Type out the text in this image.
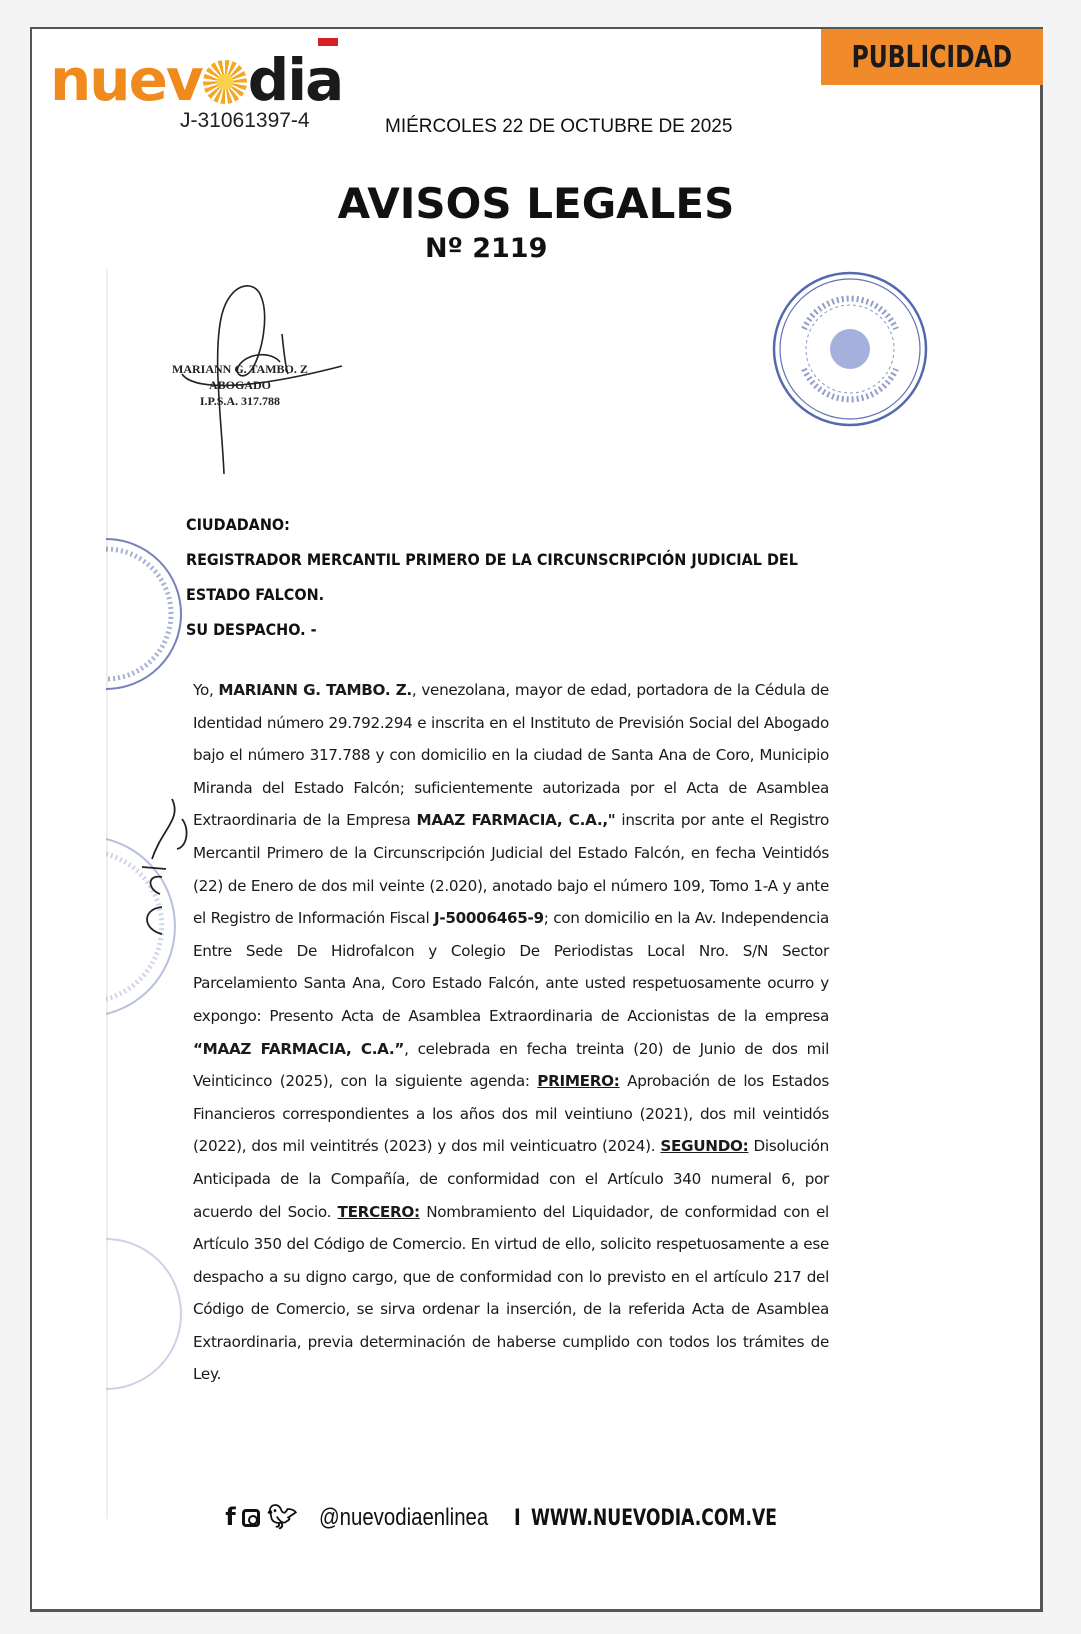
nuev dia
J-31061397-4	MIÉRCOLES 22 DE OCTUBRE DE 2025
PUBLICIDAD
AVISOS LEGALES
Nº 2119
MARIANN G. TAMBO. Z
ABOGADO
I.P.S.A. 317.788
CIUDADANO:
REGISTRADOR MERCANTIL PRIMERO DE LA CIRCUNSCRIPCIÓN JUDICIAL DEL
ESTADO FALCON.
SU DESPACHO. -
Yo, MARIANN G. TAMBO. Z., venezolana, mayor de edad, portadora de la Cédula de Identidad número 29.792.294 e inscrita en el Instituto de Previsión Social del Abogado bajo el número 317.788 y con domicilio en la ciudad de Santa Ana de Coro, Municipio Miranda del Estado Falcón; suficientemente autorizada por el Acta de Asamblea Extraordinaria de la Empresa MAAZ FARMACIA, C.A.," inscrita por ante el Registro Mercantil Primero de la Circunscripción Judicial del Estado Falcón, en fecha Veintidós (22) de Enero de dos mil veinte (2.020), anotado bajo el número 109, Tomo 1-A y ante el Registro de Información Fiscal J-50006465-9; con domicilio en la Av. Independencia Entre Sede De Hidrofalcon y Colegio De Periodistas Local Nro. S/N Sector Parcelamiento Santa Ana, Coro Estado Falcón, ante usted respetuosamente ocurro y expongo: Presento Acta de Asamblea Extraordinaria de Accionistas de la empresa “MAAZ FARMACIA, C.A.”, celebrada en fecha treinta (20) de Junio de dos mil Veinticinco (2025), con la siguiente agenda: PRIMERO: Aprobación de los Estados Financieros correspondientes a los años dos mil veintiuno (2021), dos mil veintidós (2022), dos mil veintitrés (2023) y dos mil veinticuatro (2024). SEGUNDO: Disolución Anticipada de la Compañía, de conformidad con el Artículo 340 numeral 6, por acuerdo del Socio. TERCERO: Nombramiento del Liquidador, de conformidad con el Artículo 350 del Código de Comercio. En virtud de ello, solicito respetuosamente a ese despacho a su digno cargo, que de conformidad con lo previsto en el artículo 217 del Código de Comercio, se sirva ordenar la inserción, de la referida Acta de Asamblea Extraordinaria, previa determinación de haberse cumplido con todos los trámites de Ley.
f 🐦︎ @nuevodiaenlinea I WWW.NUEVODIA.COM.VE
